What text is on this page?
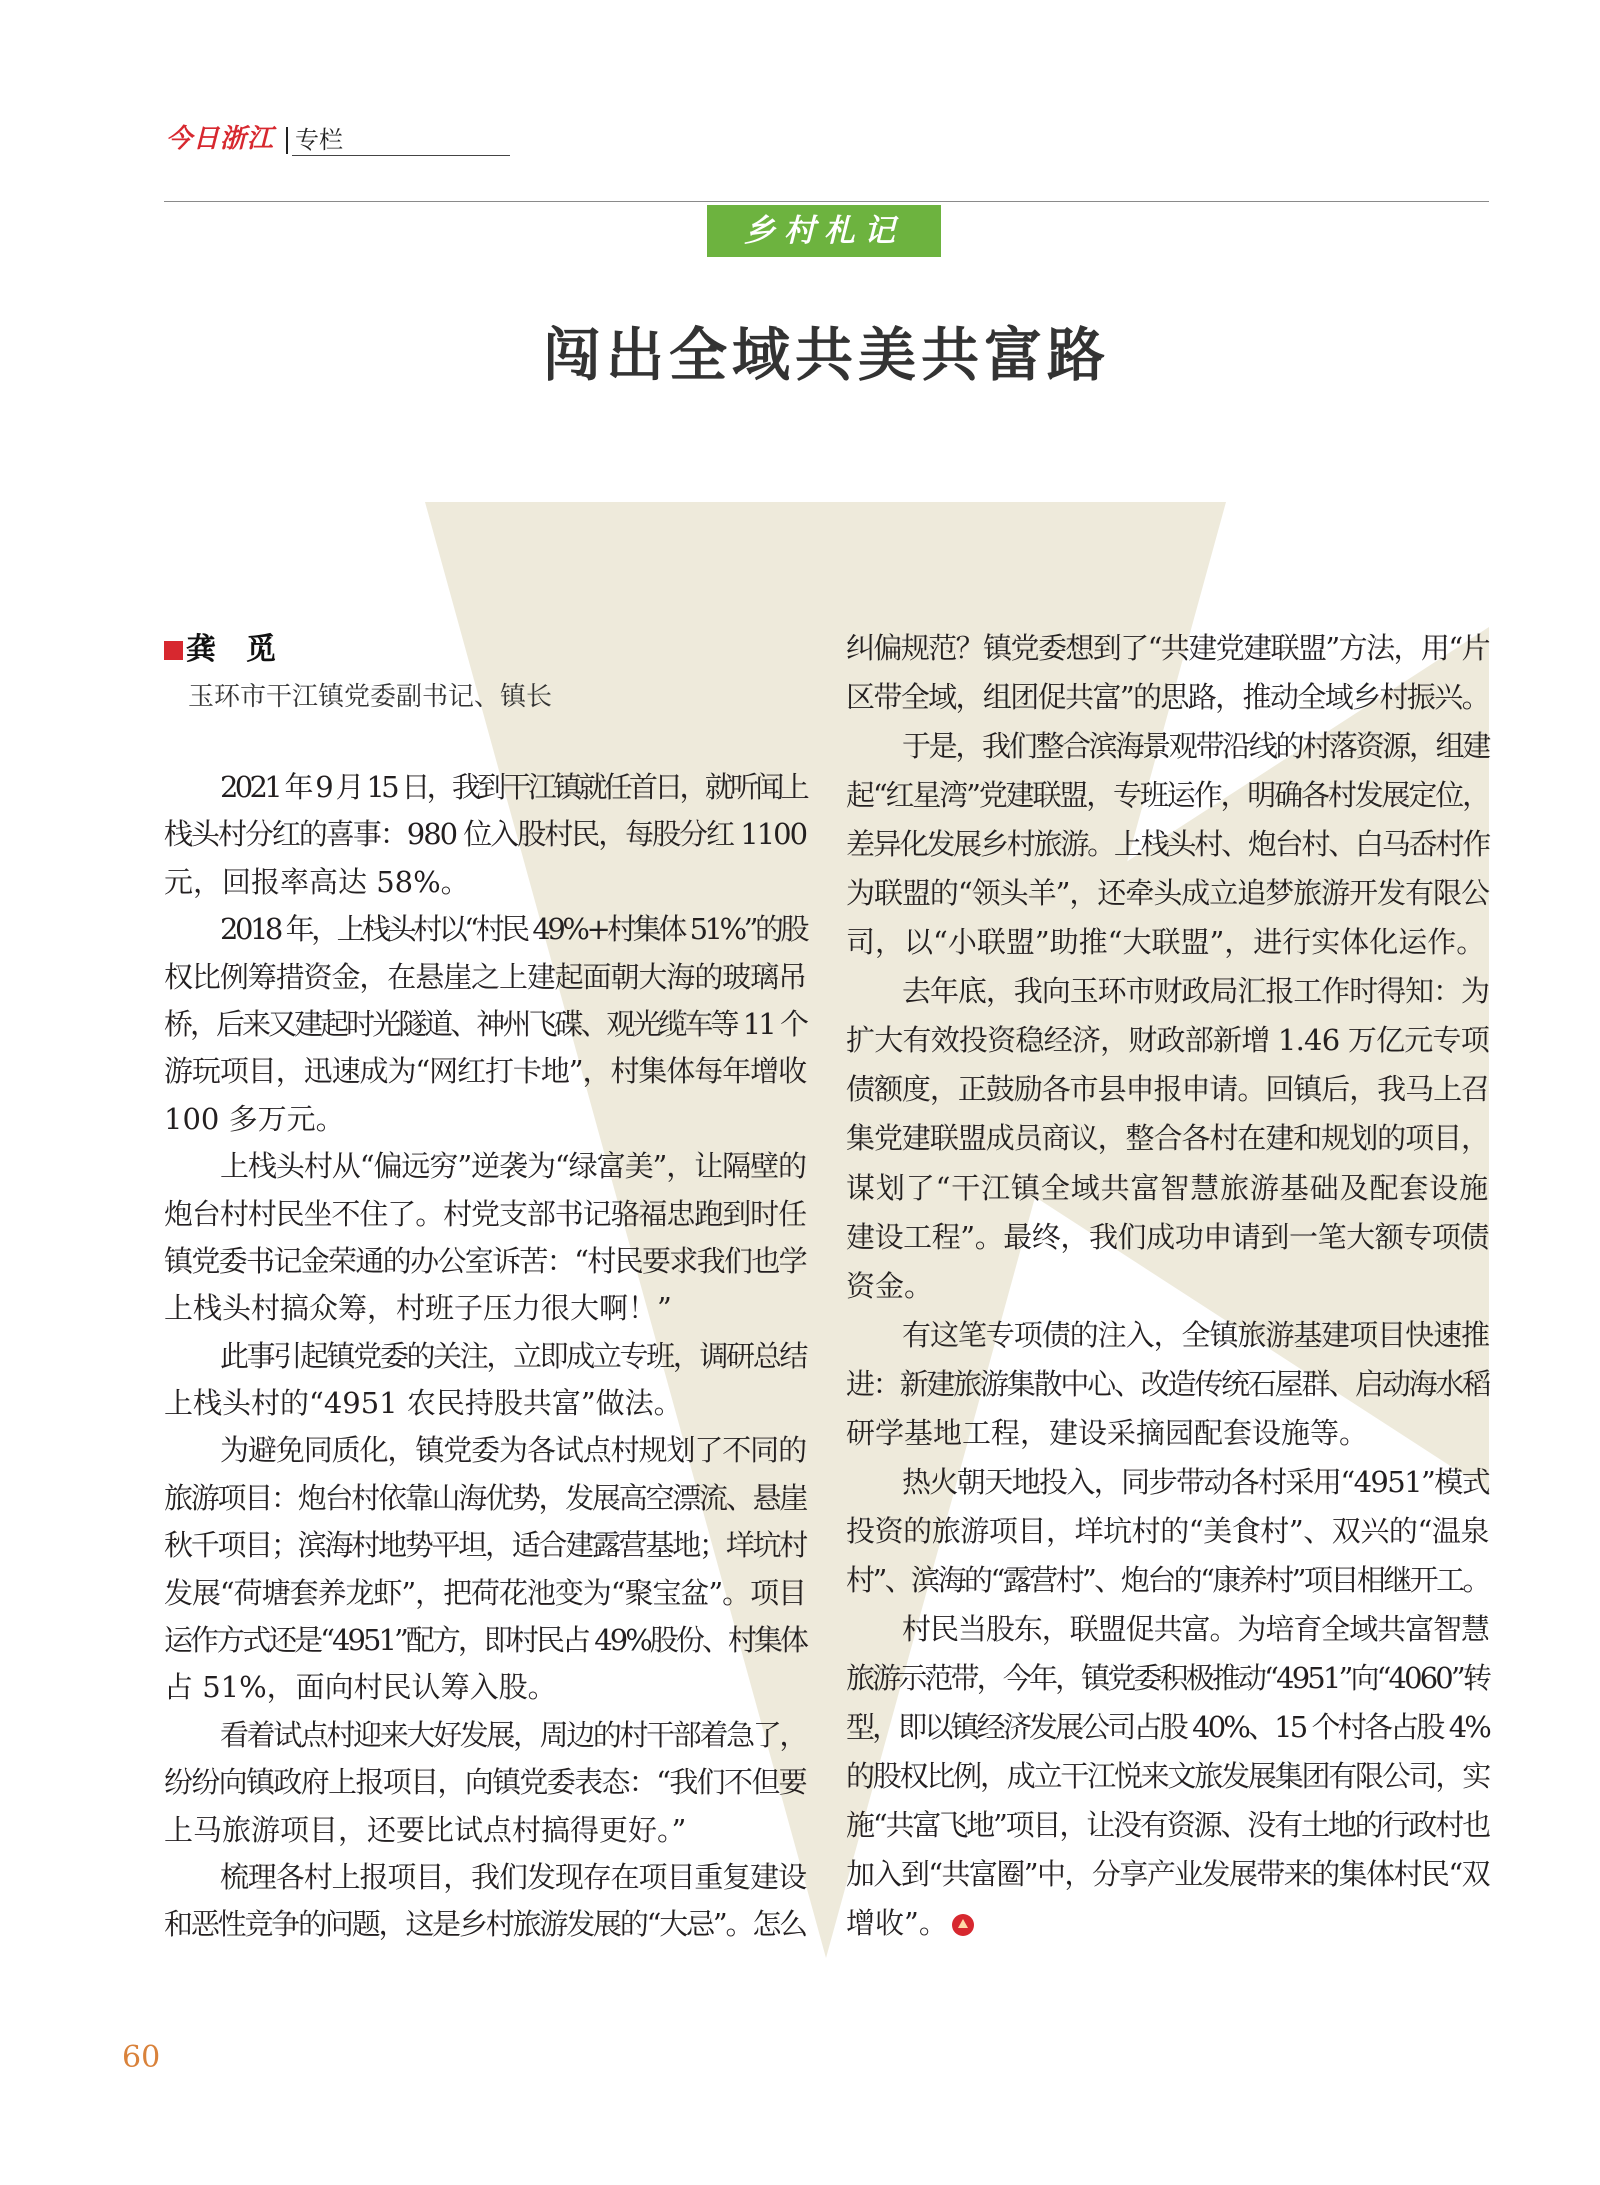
今日浙江 专栏
乡村札记
闯出全域共美共富路
龚　觅
玉环市干江镇党委副书记、镇长
2021 年 9 月 15 日，我到干江镇就任首日，就听闻上
栈头村分红的喜事：980 位入股村民，每股分红 1100
元，回报率高达 58%。
2018 年，上栈头村以“村民 49%+村集体 51%”的股
权比例筹措资金，在悬崖之上建起面朝大海的玻璃吊
桥，后来又建起时光隧道、神州飞碟、观光缆车等 11 个
游玩项目，迅速成为“网红打卡地”，村集体每年增收
100 多万元。
上栈头村从“偏远穷”逆袭为“绿富美”，让隔壁的
炮台村村民坐不住了。村党支部书记骆福忠跑到时任
镇党委书记金荣通的办公室诉苦：“村民要求我们也学
上栈头村搞众筹，村班子压力很大啊！”
此事引起镇党委的关注，立即成立专班，调研总结
上栈头村的“4951 农民持股共富”做法。
为避免同质化，镇党委为各试点村规划了不同的
旅游项目：炮台村依靠山海优势，发展高空漂流、悬崖
秋千项目；滨海村地势平坦，适合建露营基地；垟坑村
发展“荷塘套养龙虾”，把荷花池变为“聚宝盆”。项目
运作方式还是“4951”配方，即村民占 49%股份、村集体
占 51%，面向村民认筹入股。
看着试点村迎来大好发展，周边的村干部着急了，
纷纷向镇政府上报项目，向镇党委表态：“我们不但要
上马旅游项目，还要比试点村搞得更好。”
梳理各村上报项目，我们发现存在项目重复建设
和恶性竞争的问题，这是乡村旅游发展的“大忌”。怎么
纠偏规范？镇党委想到了“共建党建联盟”方法，用“片
区带全域，组团促共富”的思路，推动全域乡村振兴。
于是，我们整合滨海景观带沿线的村落资源，组建
起“红星湾”党建联盟，专班运作，明确各村发展定位，
差异化发展乡村旅游。上栈头村、炮台村、白马岙村作
为联盟的“领头羊”，还牵头成立追梦旅游开发有限公
司，以“小联盟”助推“大联盟”，进行实体化运作。
去年底，我向玉环市财政局汇报工作时得知：为
扩大有效投资稳经济，财政部新增 1.46 万亿元专项
债额度，正鼓励各市县申报申请。回镇后，我马上召
集党建联盟成员商议，整合各村在建和规划的项目，
谋划了“干江镇全域共富智慧旅游基础及配套设施
建设工程”。最终，我们成功申请到一笔大额专项债
资金。
有这笔专项债的注入，全镇旅游基建项目快速推
进：新建旅游集散中心、改造传统石屋群、启动海水稻
研学基地工程，建设采摘园配套设施等。
热火朝天地投入，同步带动各村采用“4951”模式
投资的旅游项目，垟坑村的“美食村”、双兴的“温泉
村”、滨海的“露营村”、炮台的“康养村”项目相继开工。
村民当股东，联盟促共富。为培育全域共富智慧
旅游示范带，今年，镇党委积极推动“4951”向“4060”转
型，即以镇经济发展公司占股 40%、15 个村各占股 4%
的股权比例，成立干江悦来文旅发展集团有限公司，实
施“共富飞地”项目，让没有资源、没有土地的行政村也
加入到“共富圈”中，分享产业发展带来的集体村民“双
增收”。
60
